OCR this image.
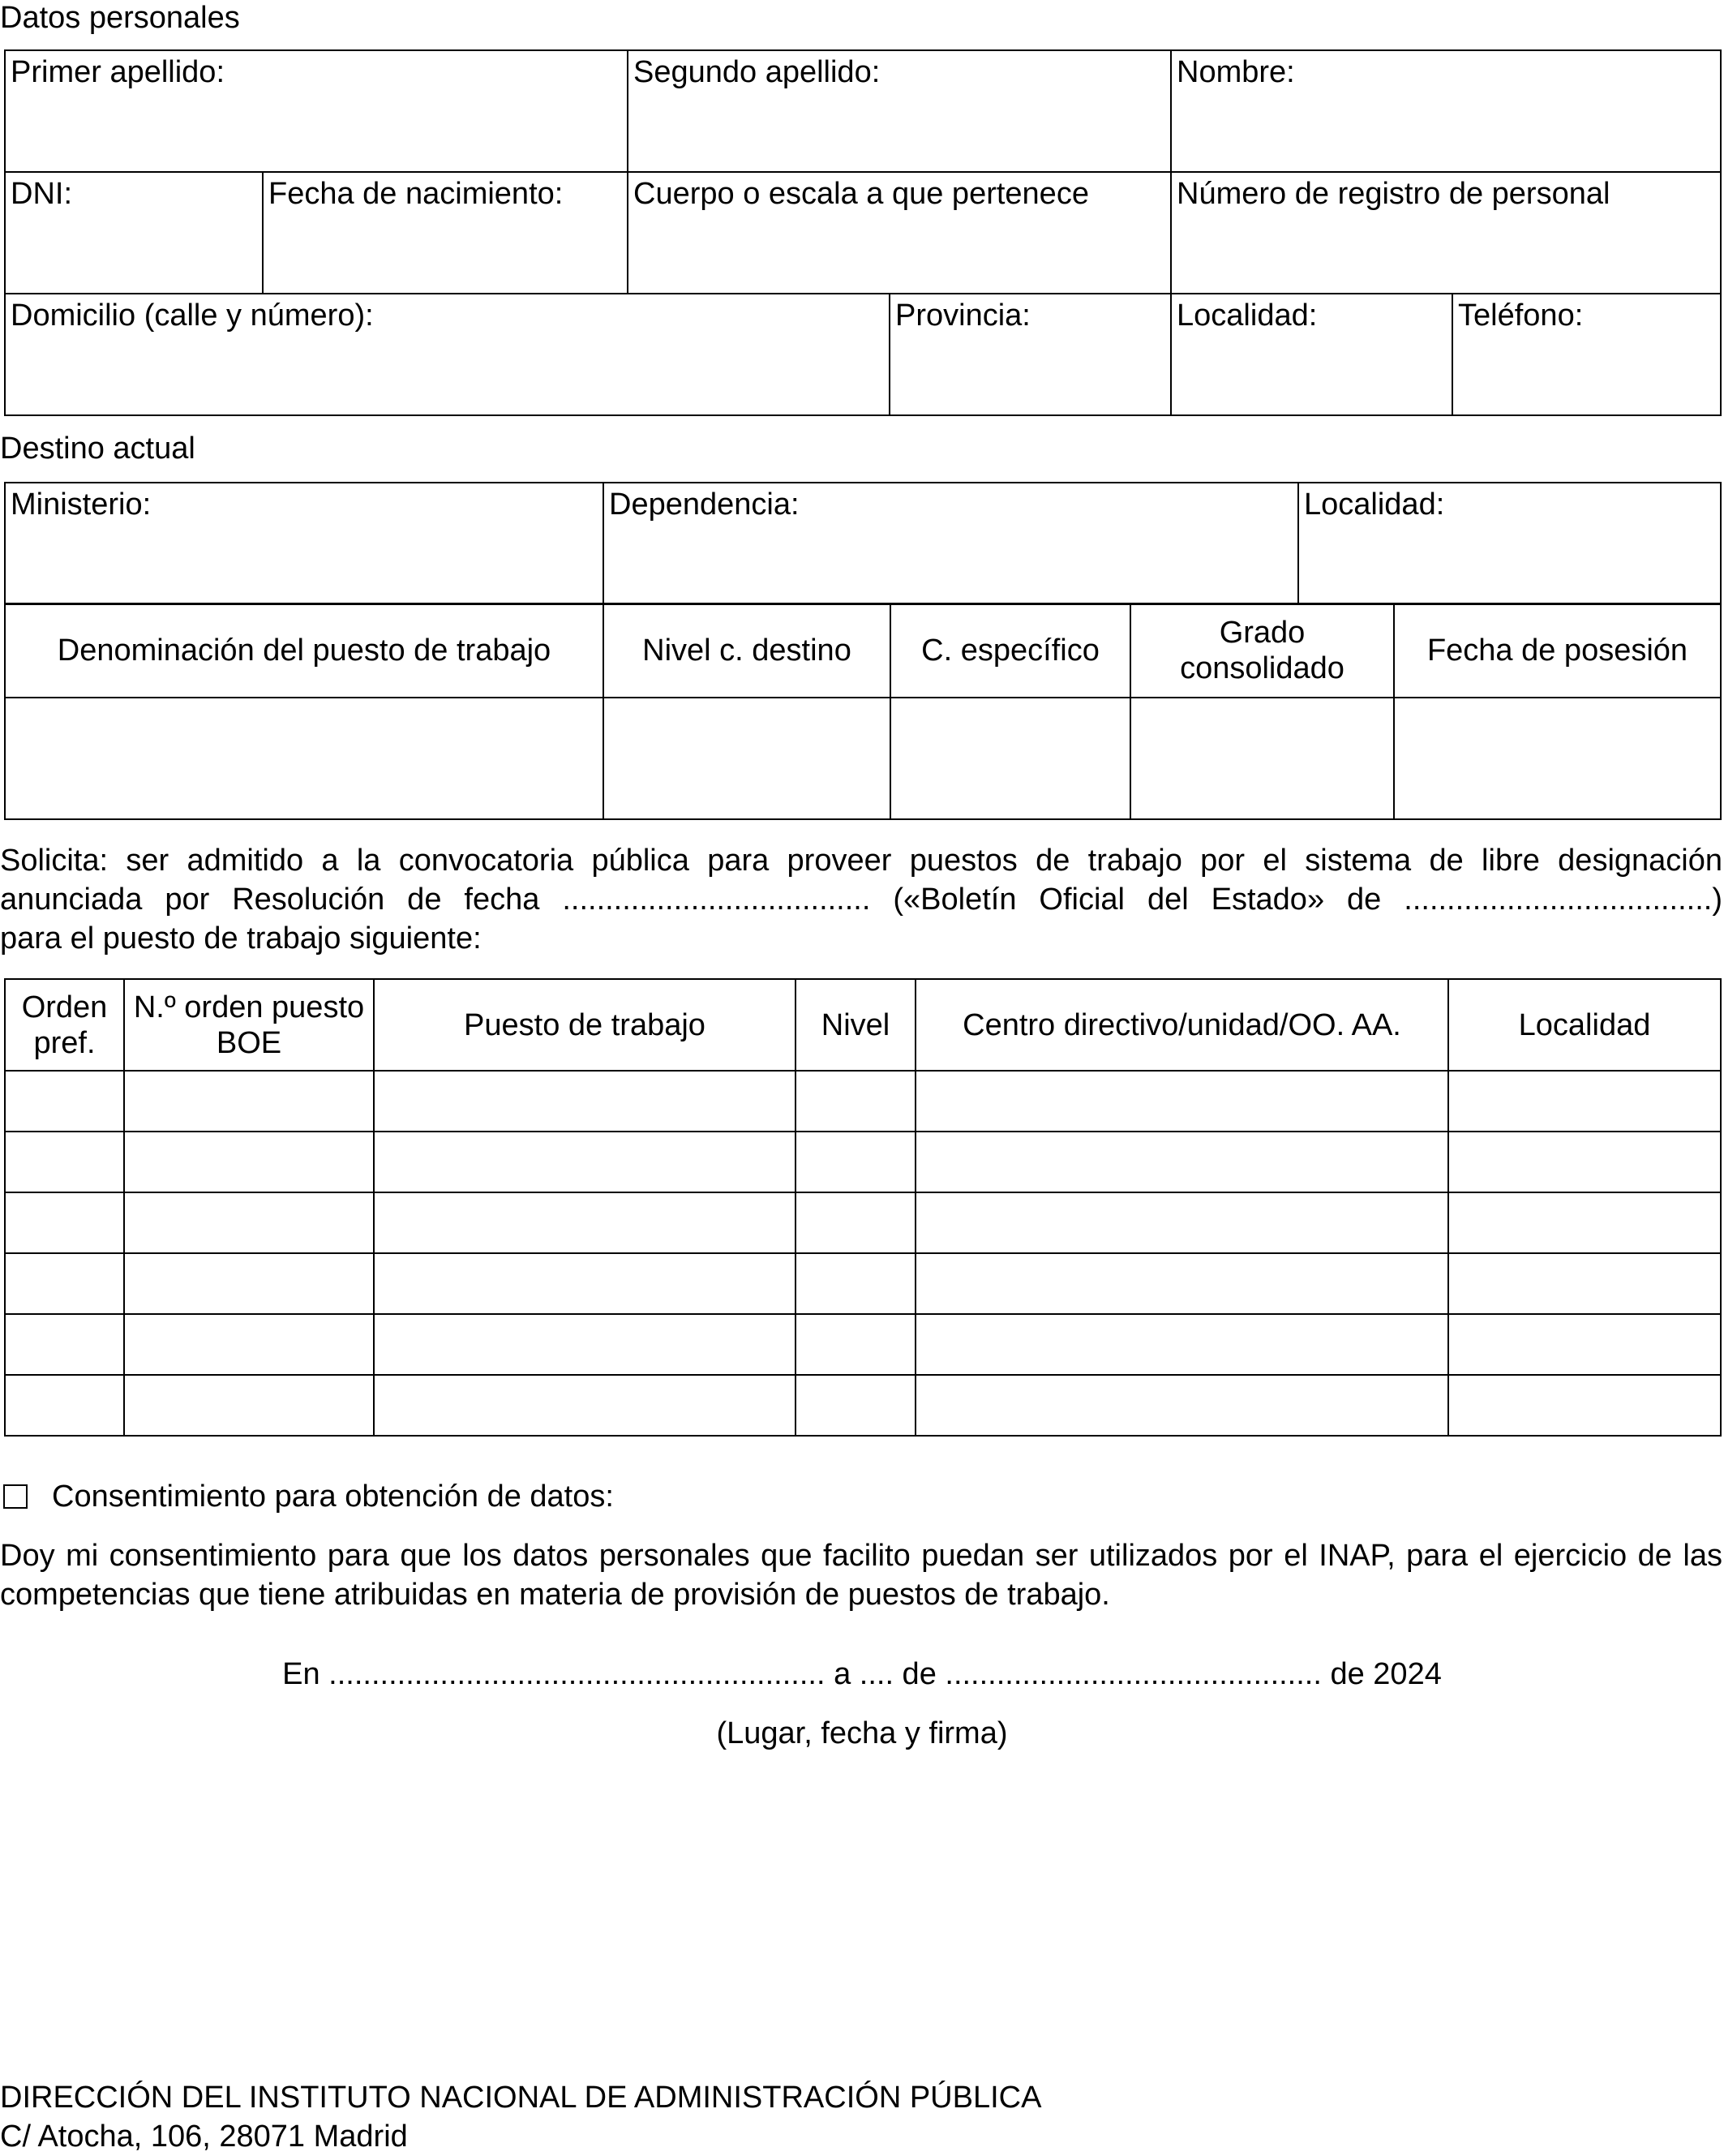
Datos personales
Primer apellido:		Segundo apellido:		Nombre:	
DNI:	Fecha de nacimiento:	Cuerpo o escala a que pertenece		Número de registro de personal	
Domicilio (calle y número):			Provincia:	Localidad:	Teléfono:
Destino actual
Ministerio:	Dependencia:	Localidad:
Denominación del puesto de trabajo	Nivel c. destino	C. específico	Grado consolidado	Fecha de posesión

Solicita: ser admitido a la convocatoria pública para proveer puestos de trabajo por el sistema de libre designación
anunciada por Resolución de fecha .................................... («Boletín Oficial del Estado» de ....................................)
para el puesto de trabajo siguiente:
Orden pref.	N.º orden puesto BOE	Puesto de trabajo	Nivel	Centro directivo/unidad/OO. AA.	Localidad

Consentimiento para obtención de datos:
Doy mi consentimiento para que los datos personales que facilito puedan ser utilizados por el INAP, para el ejercicio de las competencias que tiene atribuidas en materia de provisión de puestos de trabajo.
En .......................................................... a .... de ............................................ de 2024
(Lugar, fecha y firma)
DIRECCIÓN DEL INSTITUTO NACIONAL DE ADMINISTRACIÓN PÚBLICA
C/ Atocha, 106, 28071 Madrid
